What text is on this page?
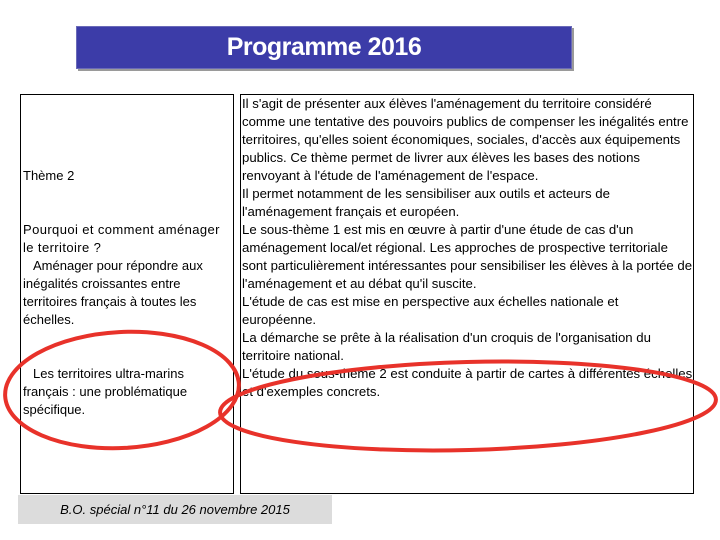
Programme 2016

Thème 2

Pourquoi et comment aménager le territoire ?

Aménager pour répondre aux inégalités croissantes entre territoires français à toutes les échelles.

Les territoires ultra-marins français : une problématique spécifique.

Il s'agit de présenter aux élèves l'aménagement du territoire considéré comme une tentative des pouvoirs publics de compenser les inégalités entre territoires, qu'elles soient économiques, sociales, d'accès aux équipements publics. Ce thème permet de livrer aux élèves les bases des notions renvoyant à l'étude de l'aménagement de l'espace.

Il permet notamment de les sensibiliser aux outils et acteurs de l'aménagement français et européen.

Le sous-thème 1 est mis en œuvre à partir d'une étude de cas d'un aménagement local/et régional. Les approches de prospective territoriale sont particulièrement intéressantes pour sensibiliser les élèves à la portée de l'aménagement et au débat qu'il suscite.

L'étude de cas est mise en perspective aux échelles nationale et européenne.

La démarche se prête à la réalisation d'un croquis de l'organisation du territoire national.

L'étude du sous-thème 2 est conduite à partir de cartes à différentes échelles et d'exemples concrets.

B.O. spécial n°11 du 26 novembre 2015
